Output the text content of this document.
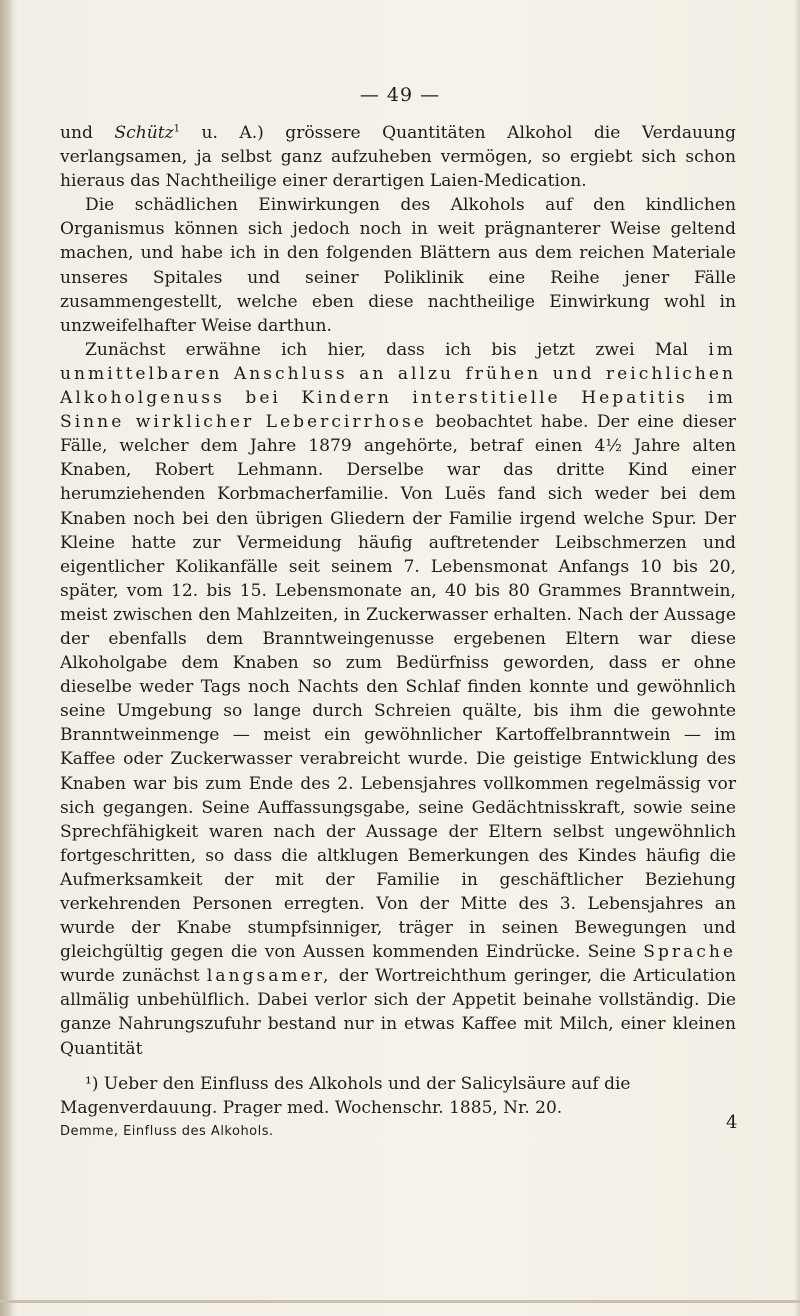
— 49 —

und Schütz$^1$ u. A.) grössere Quantitäten Alkohol die Verdauung verlangsamen, ja selbst ganz aufzuheben vermögen, so ergiebt sich schon hieraus das Nachtheilige einer derartigen Laien-Medication.

Die schädlichen Einwirkungen des Alkohols auf den kindlichen Organismus können sich jedoch noch in weit prägnanterer Weise geltend machen, und habe ich in den folgenden Blättern aus dem reichen Materiale unseres Spitales und seiner Poliklinik eine Reihe jener Fälle zusammengestellt, welche eben diese nachtheilige Einwirkung wohl in unzweifelhafter Weise darthun.

Zunächst erwähne ich hier, dass ich bis jetzt zwei Mal im unmittelbaren Anschluss an allzu frühen und reichlichen Alkoholgenuss bei Kindern interstitielle Hepatitis im Sinne wirklicher Lebercirrhose beobachtet habe. Der eine dieser Fälle, welcher dem Jahre 1879 angehörte, betraf einen 4½ Jahre alten Knaben, Robert Lehmann. Derselbe war das dritte Kind einer herumziehenden Korbmacherfamilie. Von Luës fand sich weder bei dem Knaben noch bei den übrigen Gliedern der Familie irgend welche Spur. Der Kleine hatte zur Vermeidung häufig auftretender Leibschmerzen und eigentlicher Kolikanfälle seit seinem 7. Lebensmonat Anfangs 10 bis 20, später, vom 12. bis 15. Lebensmonate an, 40 bis 80 Grammes Branntwein, meist zwischen den Mahlzeiten, in Zuckerwasser erhalten. Nach der Aussage der ebenfalls dem Branntweingenusse ergebenen Eltern war diese Alkoholgabe dem Knaben so zum Bedürfniss geworden, dass er ohne dieselbe weder Tags noch Nachts den Schlaf finden konnte und gewöhnlich seine Umgebung so lange durch Schreien quälte, bis ihm die gewohnte Branntweinmenge — meist ein gewöhnlicher Kartoffelbranntwein — im Kaffee oder Zuckerwasser verabreicht wurde. Die geistige Entwicklung des Knaben war bis zum Ende des 2. Lebensjahres vollkommen regelmässig vor sich gegangen. Seine Auffassungsgabe, seine Gedächtnisskraft, sowie seine Sprechfähigkeit waren nach der Aussage der Eltern selbst ungewöhnlich fortgeschritten, so dass die altklugen Bemerkungen des Kindes häufig die Aufmerksamkeit der mit der Familie in geschäftlicher Beziehung verkehrenden Personen erregten. Von der Mitte des 3. Lebensjahres an wurde der Knabe stumpfsinniger, träger in seinen Bewegungen und gleichgültig gegen die von Aussen kommenden Eindrücke. Seine Sprache wurde zunächst langsamer, der Wortreichthum geringer, die Articulation allmälig unbehülflich. Dabei verlor sich der Appetit beinahe vollständig. Die ganze Nahrungszufuhr bestand nur in etwas Kaffee mit Milch, einer kleinen Quantität

¹) Ueber den Einfluss des Alkohols und der Salicylsäure auf die Magenverdauung. Prager med. Wochenschr. 1885, Nr. 20.
Demme, Einfluss des Alkohols.	4
